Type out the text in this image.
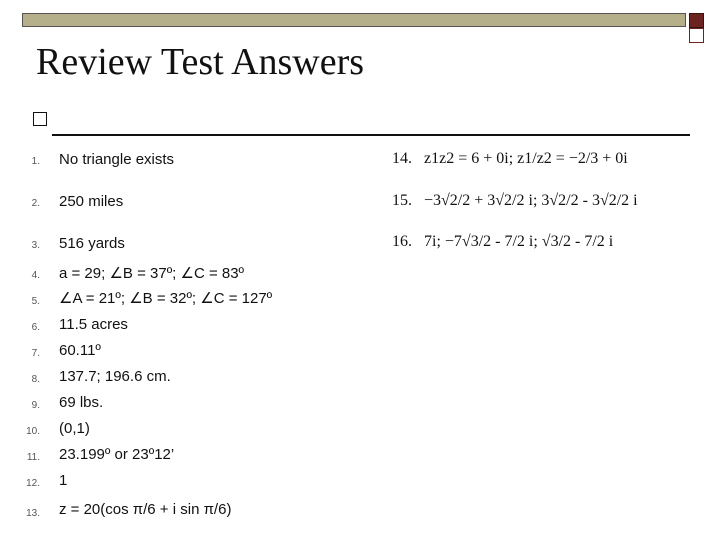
Review Test Answers
1. No triangle exists
2. 250 miles
3. 516 yards
4. a = 29; ∠B = 37º; ∠C = 83º
5. ∠A = 21º; ∠B = 32º; ∠C = 127º
6. 11.5 acres
7. 60.11º
8. 137.7; 196.6 cm.
9. 69 lbs.
10. (0,1)
11. 23.199º or 23º12’
12. 1
13. z = 20(cos π/6 + i sin π/6)
14. z1z2 = 6 + 0i; z1/z2 = −2/3 + 0i
15. −3√2/2 + 3√2/2 i; 3√2/2 - 3√2/2 i
16. 7i; −7√3/2 - 7/2 i; √3/2 - 7/2 i
